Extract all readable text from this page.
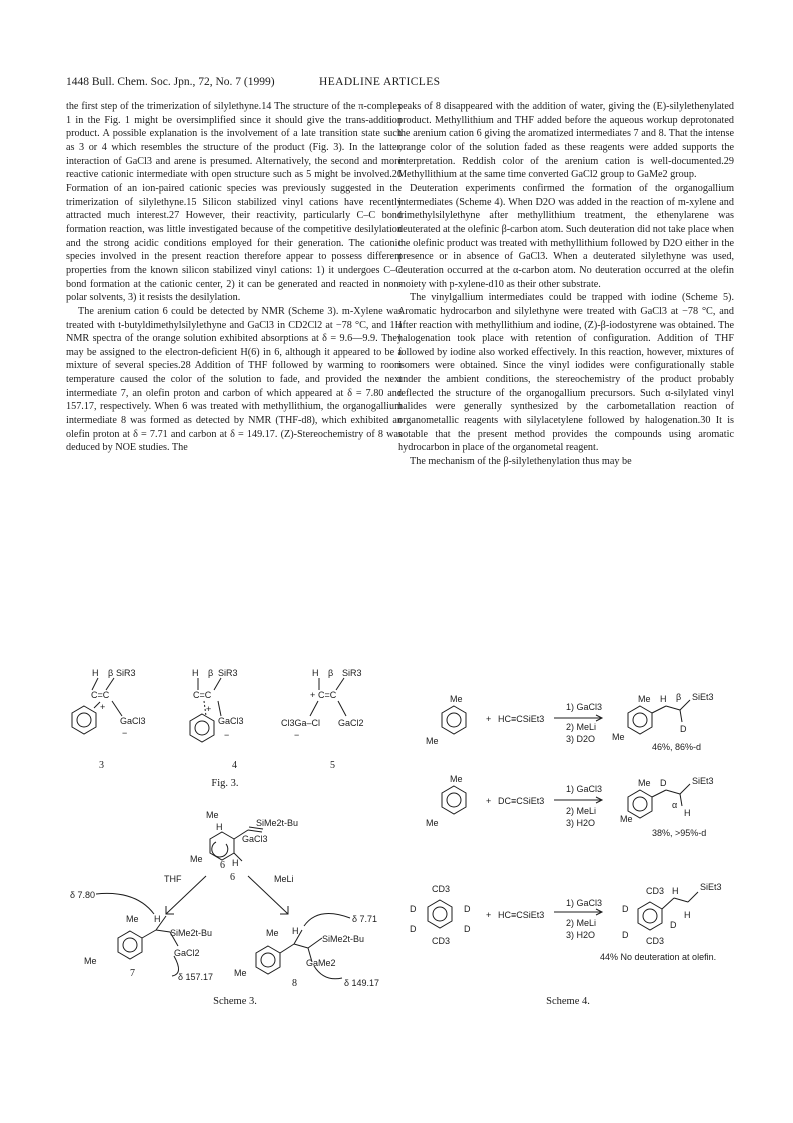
1448 Bull. Chem. Soc. Jpn., 72, No. 7 (1999)	HEADLINE ARTICLES

the first step of the trimerization of silylethyne.14 The structure of the π-complex 1 in the Fig. 1 might be oversimplified since it should give the trans-addition product. A possible explanation is the involvement of a late transition state such as 3 or 4 which resembles the structure of the product (Fig. 3). In the latter, interaction of GaCl3 and arene is presumed. Alternatively, the second and more reactive cationic intermediate with open structure such as 5 might be involved.26 Formation of an ion-paired cationic species was previously suggested in the trimerization of silylethyne.15 Silicon stabilized vinyl cations have recently attracted much interest.27 However, their reactivity, particularly C–C bond formation reaction, was little investigated because of the competitive desilylation and the strong acidic conditions employed for their generation. The cationic species involved in the present reaction therefore appear to possess different properties from the known silicon stabilized vinyl cations: 1) it undergoes C–C bond formation at the cationic center, 2) it can be generated and reacted in non-polar solvents, 3) it resists the desilylation.

The arenium cation 6 could be detected by NMR (Scheme 3). m-Xylene was treated with t-butyldimethylsilylethyne and GaCl3 in CD2Cl2 at −78 °C, and 1H NMR spectra of the orange solution exhibited absorptions at δ = 9.6—9.9. They may be assigned to the electron-deficient H(6) in 6, although it appeared to be a mixture of several species.28 Addition of THF followed by warming to room temperature caused the color of the solution to fade, and provided the next intermediate 7, an olefin proton and carbon of which appeared at δ = 7.80 and 157.17, respectively. When 6 was treated with methyllithium, the organogallium intermediate 8 was formed as detected by NMR (THF-d8), which exhibited an olefin proton at δ = 7.71 and carbon at δ = 149.17. (Z)-Stereochemistry of 8 was deduced by NOE studies. The

peaks of 8 disappeared with the addition of water, giving the (E)-silylethenylated product. Methyllithium and THF added before the aqueous workup deprotonated the arenium cation 6 giving the aromatized intermediates 7 and 8. That the intense orange color of the solution faded as these reagents were added supports the interpretation. Reddish color of the arenium cation is well-documented.29 Methyllithium at the same time converted GaCl2 group to GaMe2 group.

Deuteration experiments confirmed the formation of the organogallium intermediates (Scheme 4). When D2O was added in the reaction of m-xylene and trimethylsilylethyne after methyllithium treatment, the ethenylarene was deuterated at the olefinic β-carbon atom. Such deuteration did not take place when the olefinic product was treated with methyllithium followed by D2O either in the presence or in absence of GaCl3. When a deuterated silylethyne was used, deuteration occurred at the α-carbon atom. No deuteration occurred at the olefin moiety with p-xylene-d10 as their other substrate.

The vinylgallium intermediates could be trapped with iodine (Scheme 5). Aromatic hydrocarbon and silylethyne were treated with GaCl3 at −78 °C, and after reaction with methyllithium and iodine, (Z)-β-iodostyrene was obtained. The halogenation took place with retention of configuration. Addition of THF followed by iodine also worked effectively. In this reaction, however, mixtures of isomers were obtained. Since the vinyl iodides were configurationally stable under the ambient conditions, the stereochemistry of the product probably reflected the structure of the organogallium precursors. Such α-silylated vinyl halides were generally synthesized by the carbometallation reaction of organometallic reagents with silylacetylene followed by halogenation.30 It is notable that the present method provides the compounds using aromatic hydrocarbon in place of the organometal reagent.

The mechanism of the β-silylethenylation thus may be

H β SiR3
C=C
+
GaCl3
−
3
H β SiR3
C=C
+
GaCl3
−
4
H β SiR3
+ C=C
Cl3Ga–Cl GaCl2
−
5
Fig. 3.
Me
H	SiMe2t-Bu
GaCl3
Me	H
6
6
THF	MeLi
δ 7.80
Me H
SiMe2t-Bu
GaCl2
Me
7	δ 157.17
Me H
δ 7.71
SiMe2t-Bu
GaMe2
Me
8	δ 149.17
Scheme 3.
Me
Me
+ HC≡CSiEt3
1) GaCl3
2) MeLi
3) D2O
Me H β SiEt3
D
Me
46%, 86%-d
Me
Me
+ DC≡CSiEt3
1) GaCl3
2) MeLi
3) H2O
Me D	SiEt3
α
H
Me
38%, >95%-d
CD3
D	D
D	D
CD3
+ HC≡CSiEt3
1) GaCl3
2) MeLi
3) H2O
CD3 H SiEt3
D
D
D
H
CD3
44% No deuteration at olefin.
Scheme 4.
